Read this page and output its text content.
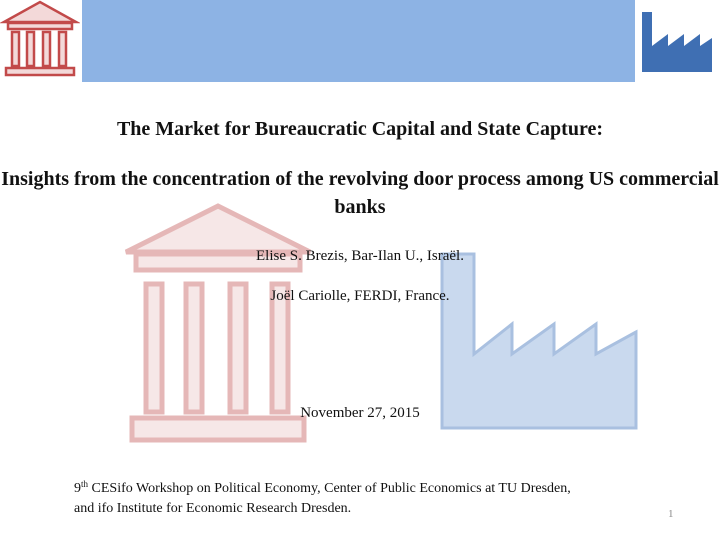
The Market for Bureaucratic Capital and State Capture:
Insights from the concentration of the revolving door process among US commercial banks
Elise S. Brezis, Bar-Ilan U., Israël.
Joël Cariolle, FERDI, France.
November 27, 2015
9th CESifo Workshop on Political Economy, Center of Public Economics at TU Dresden,
and ifo Institute for Economic Research Dresden.	1
